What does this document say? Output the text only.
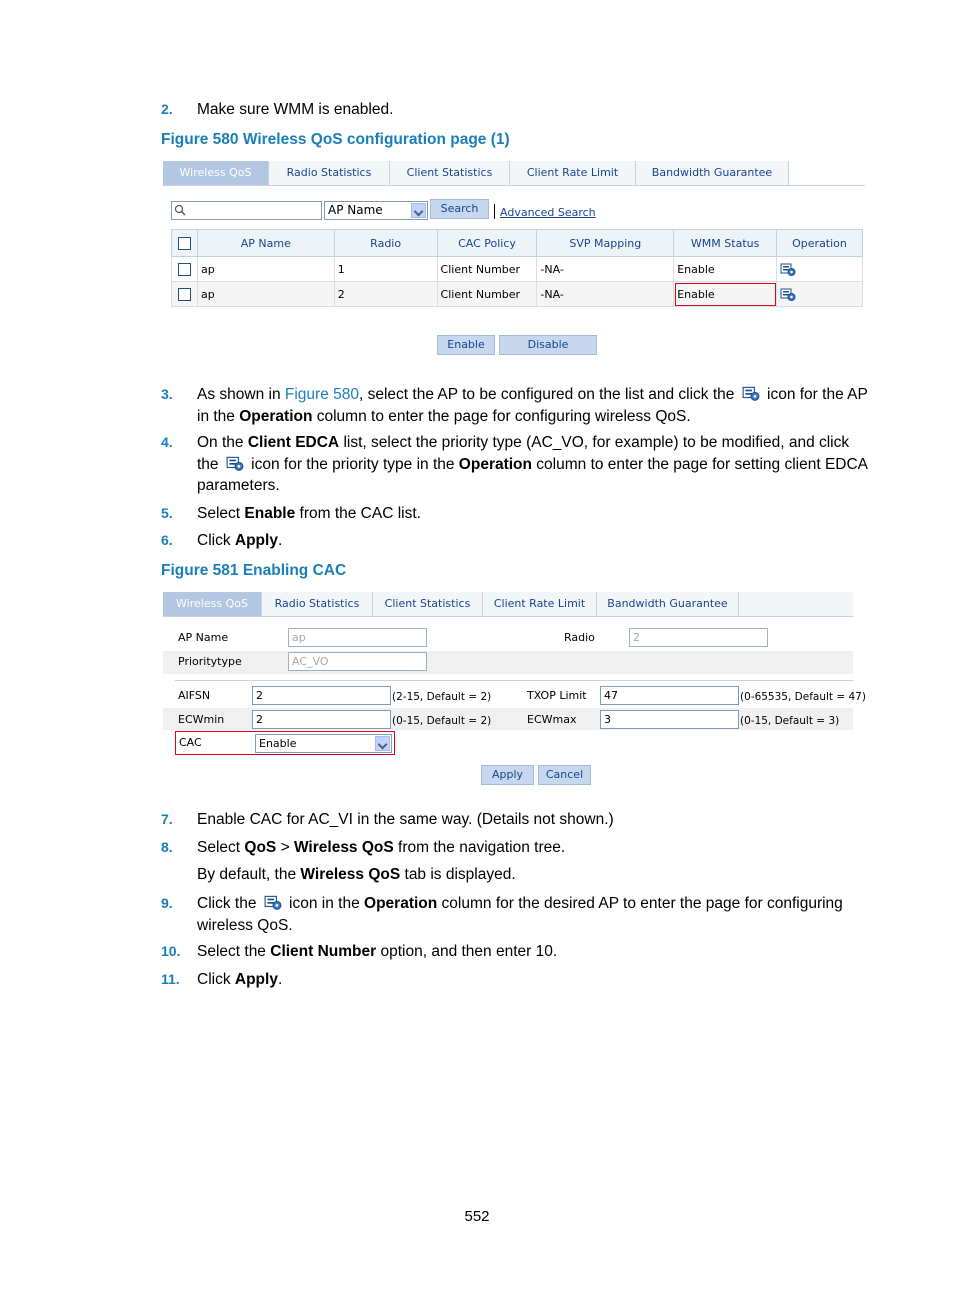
2. Make sure WMM is enabled.
Figure 580 Wireless QoS configuration page (1)
Wireless QoS	Radio Statistics	Client Statistics	Client Rate Limit	Bandwidth Guarantee
AP Name	Search	Advanced Search
	AP Name	Radio	CAC Policy	SVP Mapping	WMM Status	Operation
	ap	1	Client Number	-NA-	Enable	
	ap	2	Client Number	-NA-	Enable	
Enable	Disable
3. As shown in Figure 580, select the AP to be configured on the list and click the  icon for the AP in the Operation column to enter the page for configuring wireless QoS.
4. On the Client EDCA list, select the priority type (AC_VO, for example) to be modified, and click the  icon for the priority type in the Operation column to enter the page for setting client EDCA parameters.
5. Select Enable from the CAC list.
6. Click Apply.
Figure 581 Enabling CAC
Wireless QoS	Radio Statistics	Client Statistics	Client Rate Limit	Bandwidth Guarantee
AP Name	ap	Radio	2
Prioritytype	AC_VO
AIFSN	2	(2-15, Default = 2)	TXOP Limit	47	(0-65535, Default = 47)
ECWmin	2	(0-15, Default = 2)	ECWmax	3	(0-15, Default = 3)
CAC	Enable
Apply	Cancel
7. Enable CAC for AC_VI in the same way. (Details not shown.)
8. Select QoS > Wireless QoS from the navigation tree.
By default, the Wireless QoS tab is displayed.
9. Click the  icon in the Operation column for the desired AP to enter the page for configuring wireless QoS.
10. Select the Client Number option, and then enter 10.
11. Click Apply.
552
